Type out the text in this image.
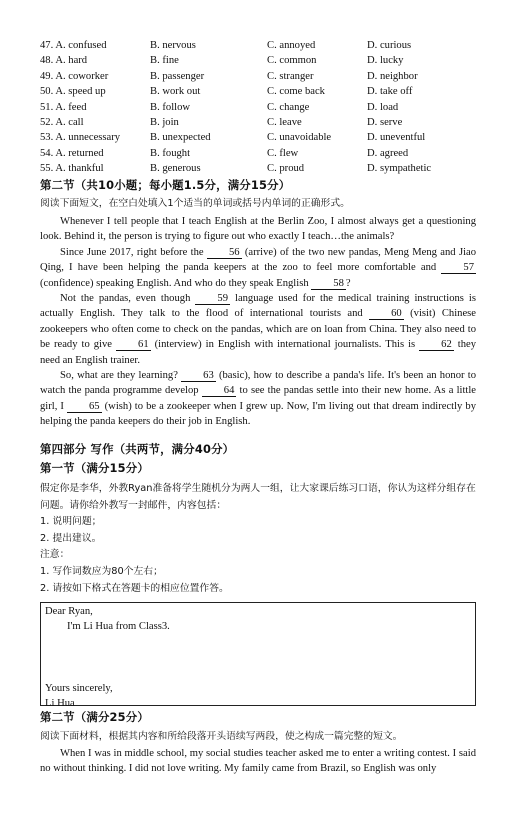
47. A. confused	B. nervous	C. annoyed	D. curious
48. A. hard	B. fine	C. common	D. lucky
49. A. coworker	B. passenger	C. stranger	D. neighbor
50. A. speed up	B. work out	C. come back	D. take off
51. A. feed	B. follow	C. change	D. load
52. A. call	B. join	C. leave	D. serve
53. A. unnecessary	B. unexpected	C. unavoidable	D. uneventful
54. A. returned	B. fought	C. flew	D. agreed
55. A. thankful	B. generous	C. proud	D. sympathetic
第二节（共10小题；每小题1.5分，满分15分）
阅读下面短文，在空白处填入1个适当的单词或括号内单词的正确形式。

Whenever I tell people that I teach English at the Berlin Zoo, I almost always get a questioning look. Behind it, the person is trying to figure out who exactly I teach…the animals?

Since June 2017, right before the 56 (arrive) of the two new pandas, Meng Meng and Jiao Qing, I have been helping the panda keepers at the zoo to feel more comfortable and 57 (confidence) speaking English. And who do they speak English 58 ?

Not the pandas, even though 59 language used for the medical training instructions is actually English. They talk to the flood of international tourists and 60 (visit) Chinese zookeepers who often come to check on the pandas, which are on loan from China. They also need to be ready to give 61 (interview) in English with international journalists. This is 62 they need an English trainer.

So, what are they learning? 63 (basic), how to describe a panda's life. It's been an honor to watch the panda programme develop 64 to see the pandas settle into their new home. As a little girl, I 65 (wish) to be a zookeeper when I grew up. Now, I'm living out that dream indirectly by helping the panda keepers do their job in English.

第四部分 写作（共两节，满分40分）
第一节（满分15分）
假定你是李华，外教Ryan准备将学生随机分为两人一组，让大家课后练习口语，你认为这样分组存在问题。请你给外教写一封邮件，内容包括：
1. 说明问题；
2. 提出建议。
注意：
1. 写作词数应为80个左右；
2. 请按如下格式在答题卡的相应位置作答。
Dear Ryan,
I'm Li Hua from Class3.
Yours sincerely,
Li Hua
第二节（满分25分）
阅读下面材料，根据其内容和所给段落开头语续写两段，使之构成一篇完整的短文。

When I was in middle school, my social studies teacher asked me to enter a writing contest. I said no without thinking. I did not love writing. My family came from Brazil, so English was only
